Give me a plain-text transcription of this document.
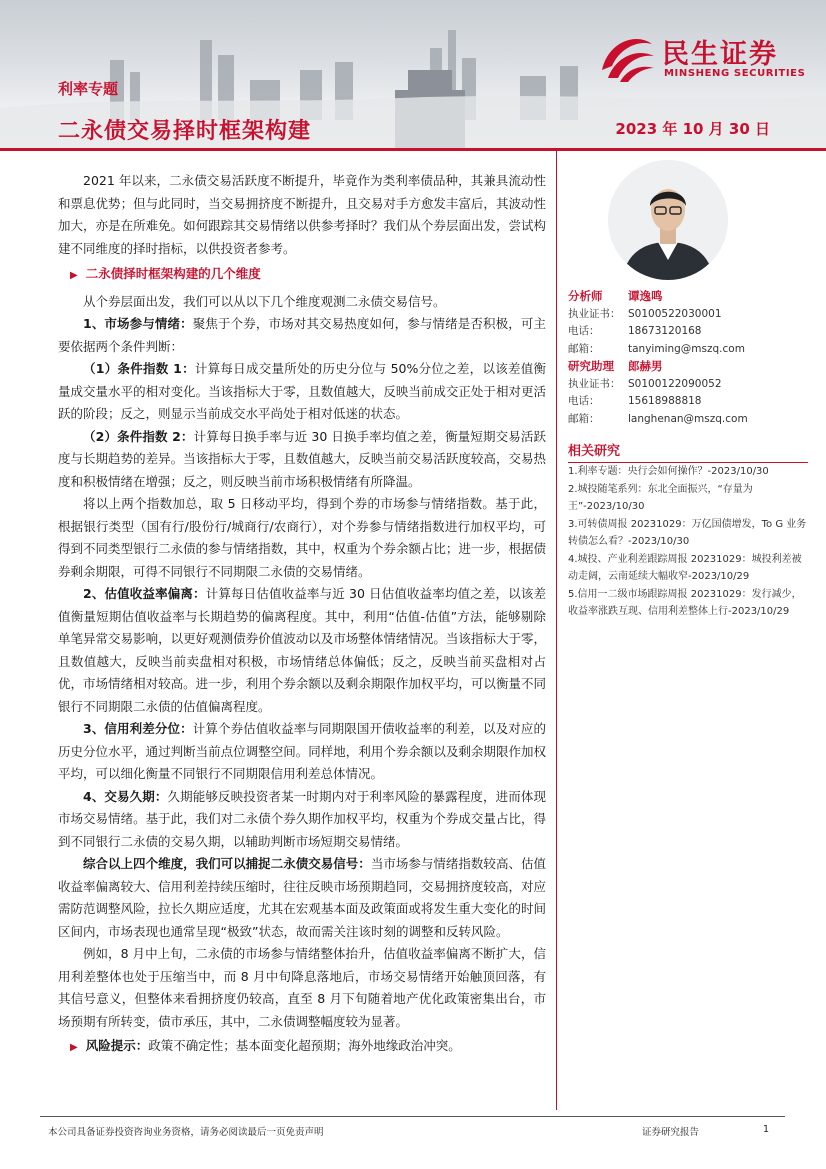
利率专题
二永债交易择时框架构建	2023 年 10 月 30 日
民生证券
MINSHENG SECURITIES

2021 年以来，二永债交易活跃度不断提升，毕竟作为类利率债品种，其兼具流动性和票息优势；但与此同时，当交易拥挤度不断提升，且交易对手方愈发丰富后，其波动性加大，亦是在所难免。如何跟踪其交易情绪以供参考择时？我们从个券层面出发，尝试构建不同维度的择时指标，以供投资者参考。

▶ 二永债择时框架构建的几个维度

从个券层面出发，我们可以从以下几个维度观测二永债交易信号。

1、市场参与情绪：聚焦于个券，市场对其交易热度如何，参与情绪是否积极，可主要依据两个条件判断：

（1）条件指数 1：计算每日成交量所处的历史分位与 50%分位之差，以该差值衡量成交量水平的相对变化。当该指标大于零，且数值越大，反映当前成交正处于相对更活跃的阶段；反之，则显示当前成交水平尚处于相对低迷的状态。

（2）条件指数 2：计算每日换手率与近 30 日换手率均值之差，衡量短期交易活跃度与长期趋势的差异。当该指标大于零，且数值越大，反映当前交易活跃度较高，交易热度和积极情绪在增强；反之，则反映当前市场积极情绪有所降温。

将以上两个指数加总，取 5 日移动平均，得到个券的市场参与情绪指数。基于此，根据银行类型（国有行/股份行/城商行/农商行），对个券参与情绪指数进行加权平均，可得到不同类型银行二永债的参与情绪指数，其中，权重为个券余额占比；进一步，根据债券剩余期限，可得不同银行不同期限二永债的交易情绪。

2、估值收益率偏离：计算每日估值收益率与近 30 日估值收益率均值之差，以该差值衡量短期估值收益率与长期趋势的偏离程度。其中，利用“估值-估值”方法，能够剔除单笔异常交易影响，以更好观测债券价值波动以及市场整体情绪情况。当该指标大于零，且数值越大，反映当前卖盘相对积极，市场情绪总体偏低；反之，反映当前买盘相对占优，市场情绪相对较高。进一步，利用个券余额以及剩余期限作加权平均，可以衡量不同银行不同期限二永债的估值偏离程度。

3、信用利差分位：计算个券估值收益率与同期限国开债收益率的利差，以及对应的历史分位水平，通过判断当前点位调整空间。同样地，利用个券余额以及剩余期限作加权平均，可以细化衡量不同银行不同期限信用利差总体情况。

4、交易久期：久期能够反映投资者某一时期内对于利率风险的暴露程度，进而体现市场交易情绪。基于此，我们对二永债个券久期作加权平均，权重为个券成交量占比，得到不同银行二永债的交易久期，以辅助判断市场短期交易情绪。

综合以上四个维度，我们可以捕捉二永债交易信号：当市场参与情绪指数较高、估值收益率偏离较大、信用利差持续压缩时，往往反映市场预期趋同，交易拥挤度较高，对应需防范调整风险，拉长久期应适度，尤其在宏观基本面及政策面或将发生重大变化的时间区间内，市场表现也通常呈现“极致”状态，故而需关注该时刻的调整和反转风险。

例如，8 月中上旬，二永债的市场参与情绪整体抬升，估值收益率偏离不断扩大，信用利差整体也处于压缩当中，而 8 月中旬降息落地后，市场交易情绪开始触顶回落，有其信号意义，但整体来看拥挤度仍较高，直至 8 月下旬随着地产优化政策密集出台，市场预期有所转变，债市承压，其中，二永债调整幅度较为显著。

▶ 风险提示：政策不确定性；基本面变化超预期；海外地缘政治冲突。

分析师	谭逸鸣
执业证书： S0100522030001
电话：	18673120168
邮箱：	tanyiming@mszq.com
研究助理	郎赫男
执业证书： S0100122090052
电话：	15618988818
邮箱：	langhenan@mszq.com
相关研究
1.利率专题：央行会如何操作？-2023/10/30
2.城投随笔系列：东北全面振兴，“存量为王”-2023/10/30
3.可转债周报 20231029：万亿国债增发，To G 业务转债怎么看？-2023/10/30
4.城投、产业利差跟踪周报 20231029：城投利差被动走阔，云南延续大幅收窄-2023/10/29
5.信用一二级市场跟踪周报 20231029：发行减少，收益率涨跌互现、信用利差整体上行-2023/10/29
本公司具备证券投资咨询业务资格，请务必阅读最后一页免责声明	证券研究报告	1
